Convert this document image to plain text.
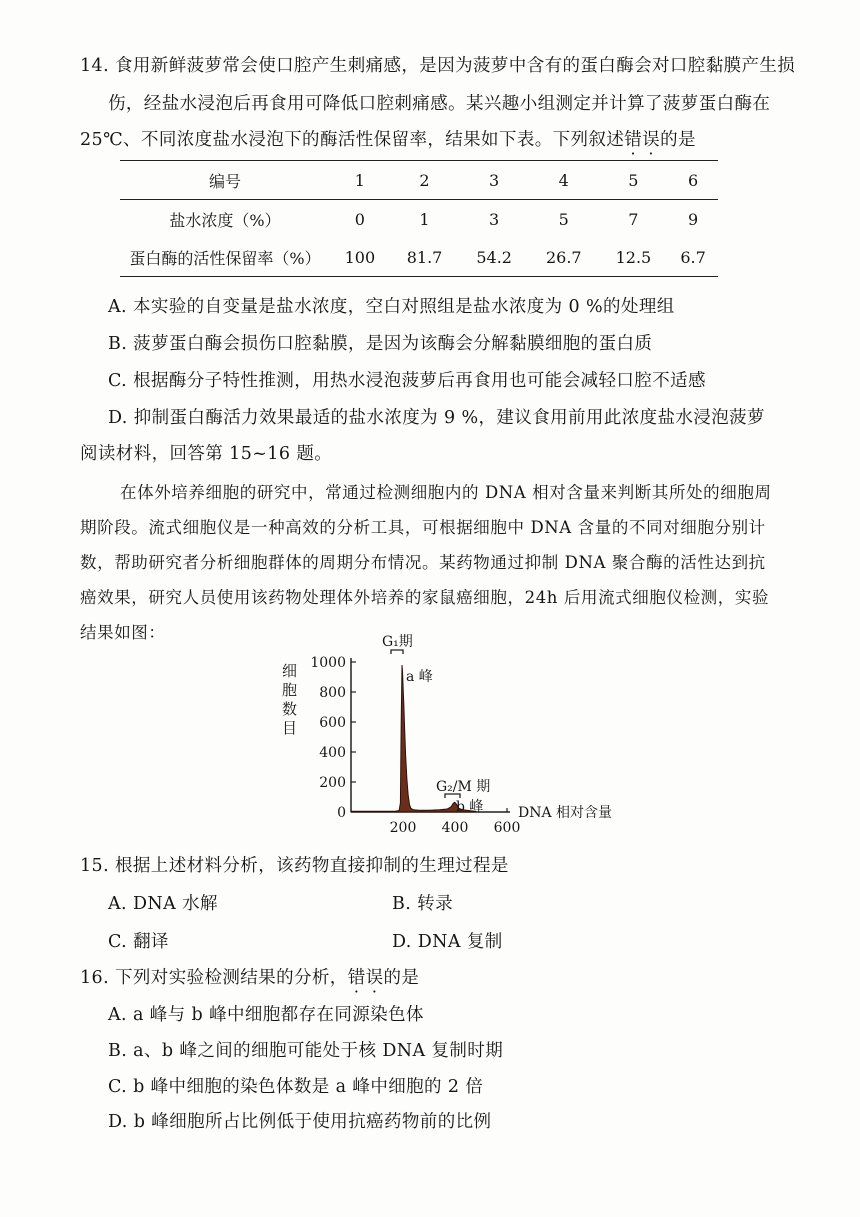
14. 食用新鲜菠萝常会使口腔产生刺痛感，是因为菠萝中含有的蛋白酶会对口腔黏膜产生损
伤，经盐水浸泡后再食用可降低口腔刺痛感。某兴趣小组测定并计算了菠萝蛋白酶在
25℃、不同浓度盐水浸泡下的酶活性保留率，结果如下表。下列叙述错误的是
编号	1	2	3	4	5	6
盐水浓度（%）	0	1	3	5	7	9
蛋白酶的活性保留率（%）	100	81.7	54.2	26.7	12.5	6.7
A. 本实验的自变量是盐水浓度，空白对照组是盐水浓度为 0 %的处理组
B. 菠萝蛋白酶会损伤口腔黏膜，是因为该酶会分解黏膜细胞的蛋白质
C. 根据酶分子特性推测，用热水浸泡菠萝后再食用也可能会减轻口腔不适感
D. 抑制蛋白酶活力效果最适的盐水浓度为 9 %，建议食用前用此浓度盐水浸泡菠萝
阅读材料，回答第 15~16 题。
在体外培养细胞的研究中，常通过检测细胞内的 DNA 相对含量来判断其所处的细胞周
期阶段。流式细胞仪是一种高效的分析工具，可根据细胞中 DNA 含量的不同对细胞分别计
数，帮助研究者分析细胞群体的周期分布情况。某药物通过抑制 DNA 聚合酶的活性达到抗
癌效果，研究人员使用该药物处理体外培养的家鼠癌细胞，24h 后用流式细胞仪检测，实验
结果如图：
细
胞
数
目
1000
800
600
400
200
0
200 400 600
G₁期
a 峰
G₂/M 期
b 峰 DNA 相对含量
15. 根据上述材料分析，该药物直接抑制的生理过程是
A. DNA 水解	B. 转录
C. 翻译	D. DNA 复制
16. 下列对实验检测结果的分析，错误的是
A. a 峰与 b 峰中细胞都存在同源染色体
B. a、b 峰之间的细胞可能处于核 DNA 复制时期
C. b 峰中细胞的染色体数是 a 峰中细胞的 2 倍
D. b 峰细胞所占比例低于使用抗癌药物前的比例
